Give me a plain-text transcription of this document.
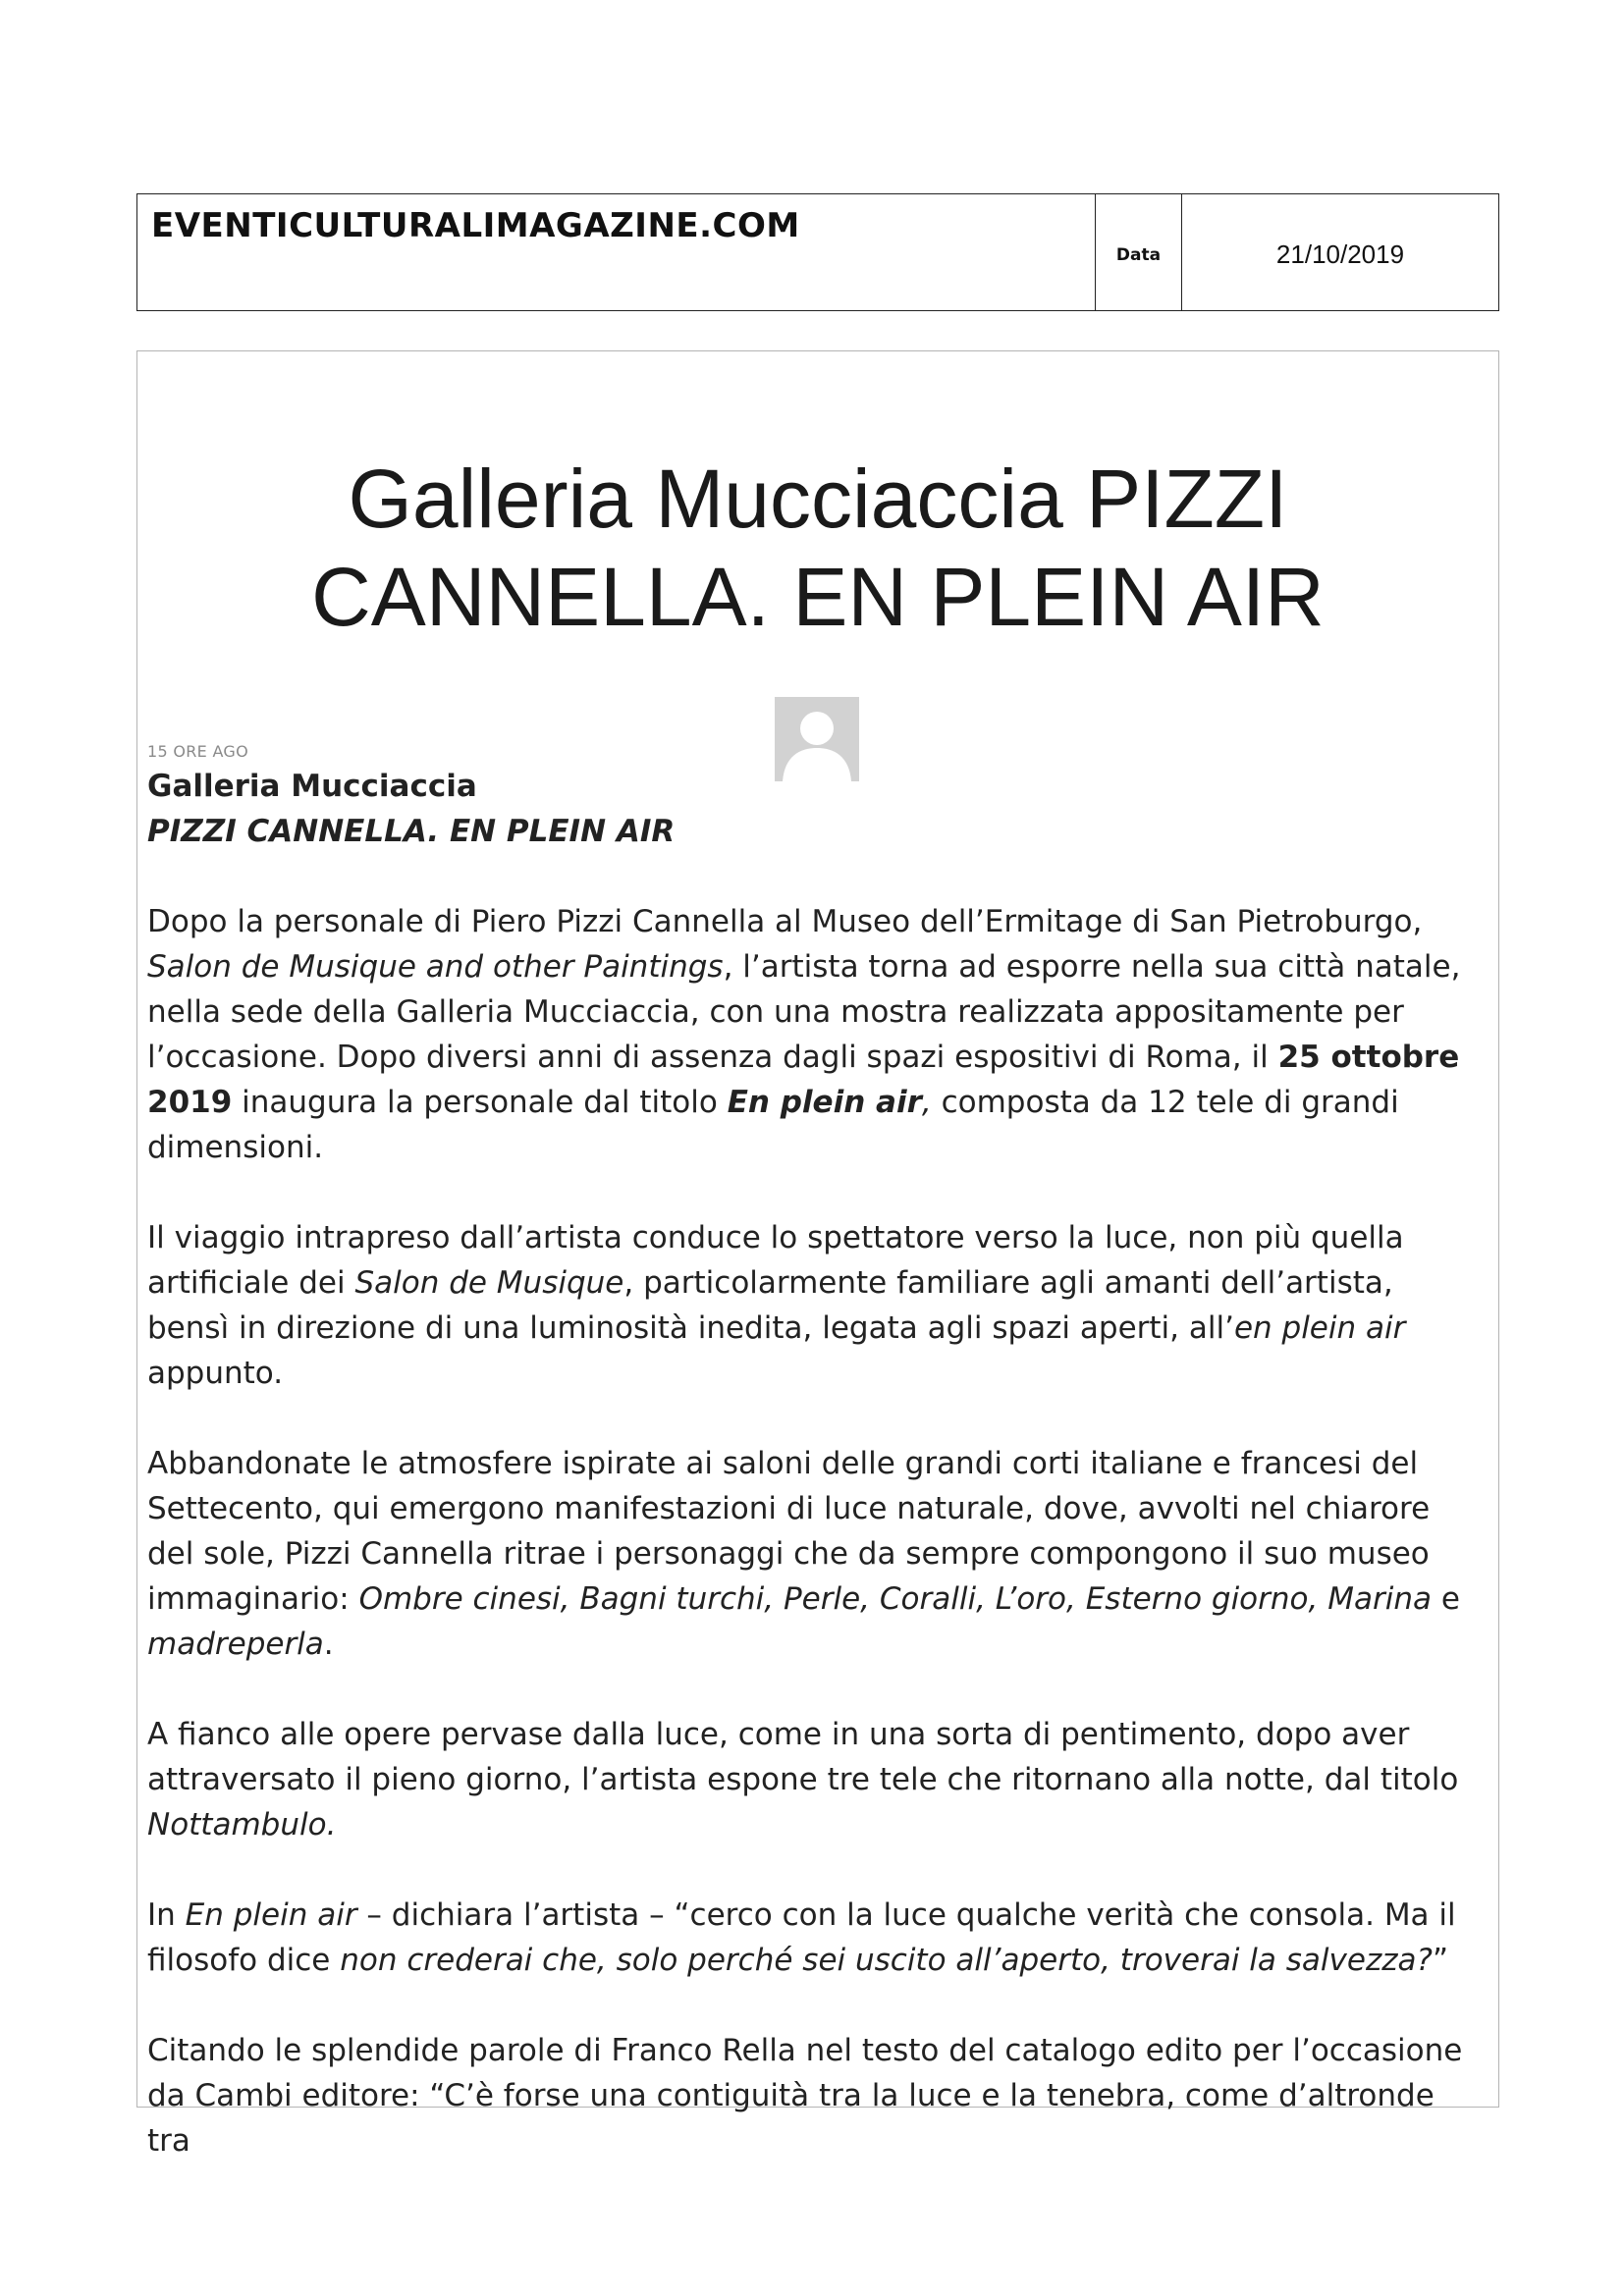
EVENTICULTURALIMAGAZINE.COM
Data	21/10/2019
Galleria Mucciaccia PIZZI
CANNELLA. EN PLEIN AIR
15 ORE AGO
Galleria Mucciaccia
PIZZI CANNELLA. EN PLEIN AIR

Dopo la personale di Piero Pizzi Cannella al Museo dell’Ermitage di San Pietroburgo, Salon de Musique and other Paintings, l’artista torna ad esporre nella sua città natale, nella sede della Galleria Mucciaccia, con una mostra realizzata appositamente per l’occasione. Dopo diversi anni di assenza dagli spazi espositivi di Roma, il 25 ottobre 2019 inaugura la personale dal titolo En plein air, composta da 12 tele di grandi dimensioni.

Il viaggio intrapreso dall’artista conduce lo spettatore verso la luce, non più quella artificiale dei Salon de Musique, particolarmente familiare agli amanti dell’artista, bensì in direzione di una luminosità inedita, legata agli spazi aperti, all’en plein air appunto.

Abbandonate le atmosfere ispirate ai saloni delle grandi corti italiane e francesi del Settecento, qui emergono manifestazioni di luce naturale, dove, avvolti nel chiarore del sole, Pizzi Cannella ritrae i personaggi che da sempre compongono il suo museo immaginario: Ombre cinesi, Bagni turchi, Perle, Coralli, L’oro, Esterno giorno, Marina e madreperla.

A fianco alle opere pervase dalla luce, come in una sorta di pentimento, dopo aver attraversato il pieno giorno, l’artista espone tre tele che ritornano alla notte, dal titolo Nottambulo.

In En plein air – dichiara l’artista – “cerco con la luce qualche verità che consola. Ma il filosofo dice non crederai che, solo perché sei uscito all’aperto, troverai la salvezza?”

Citando le splendide parole di Franco Rella nel testo del catalogo edito per l’occasione da Cambi editore: “C’è forse una contiguità tra la luce e la tenebra, come d’altronde tra
